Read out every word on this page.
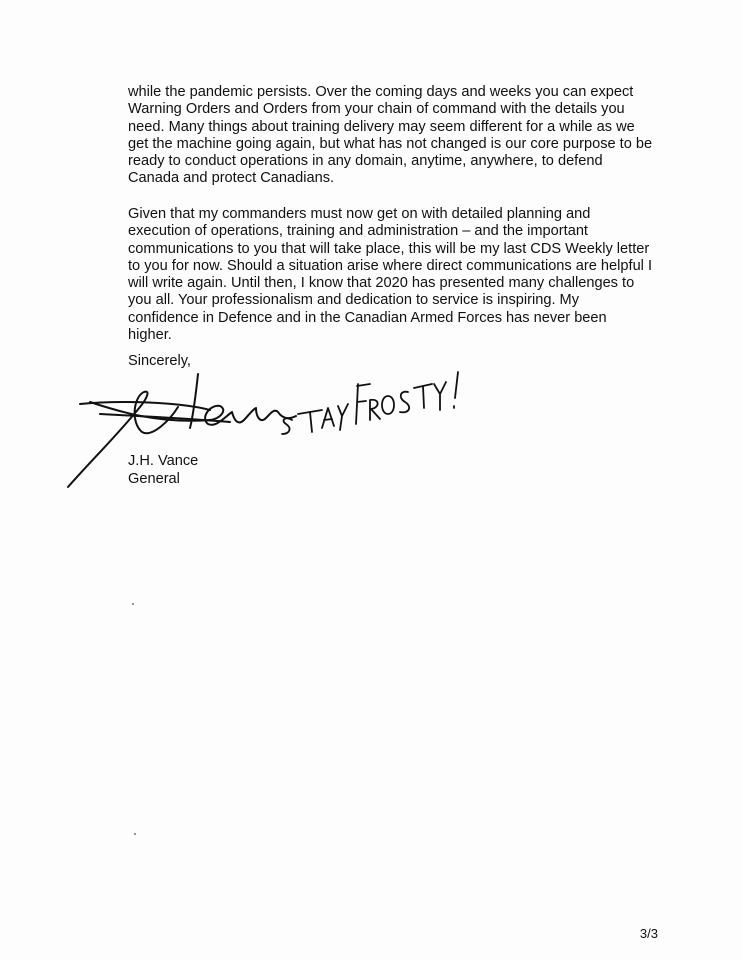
while the pandemic persists. Over the coming days and weeks you can expect
Warning Orders and Orders from your chain of command with the details you
need. Many things about training delivery may seem different for a while as we
get the machine going again, but what has not changed is our core purpose to be
ready to conduct operations in any domain, anytime, anywhere, to defend
Canada and protect Canadians.
Given that my commanders must now get on with detailed planning and
execution of operations, training and administration – and the important
communications to you that will take place, this will be my last CDS Weekly letter
to you for now. Should a situation arise where direct communications are helpful I
will write again. Until then, I know that 2020 has presented many challenges to
you all. Your professionalism and dedication to service is inspiring. My
confidence in Defence and in the Canadian Armed Forces has never been
higher.
Sincerely,
J.H. Vance
General
3/3
